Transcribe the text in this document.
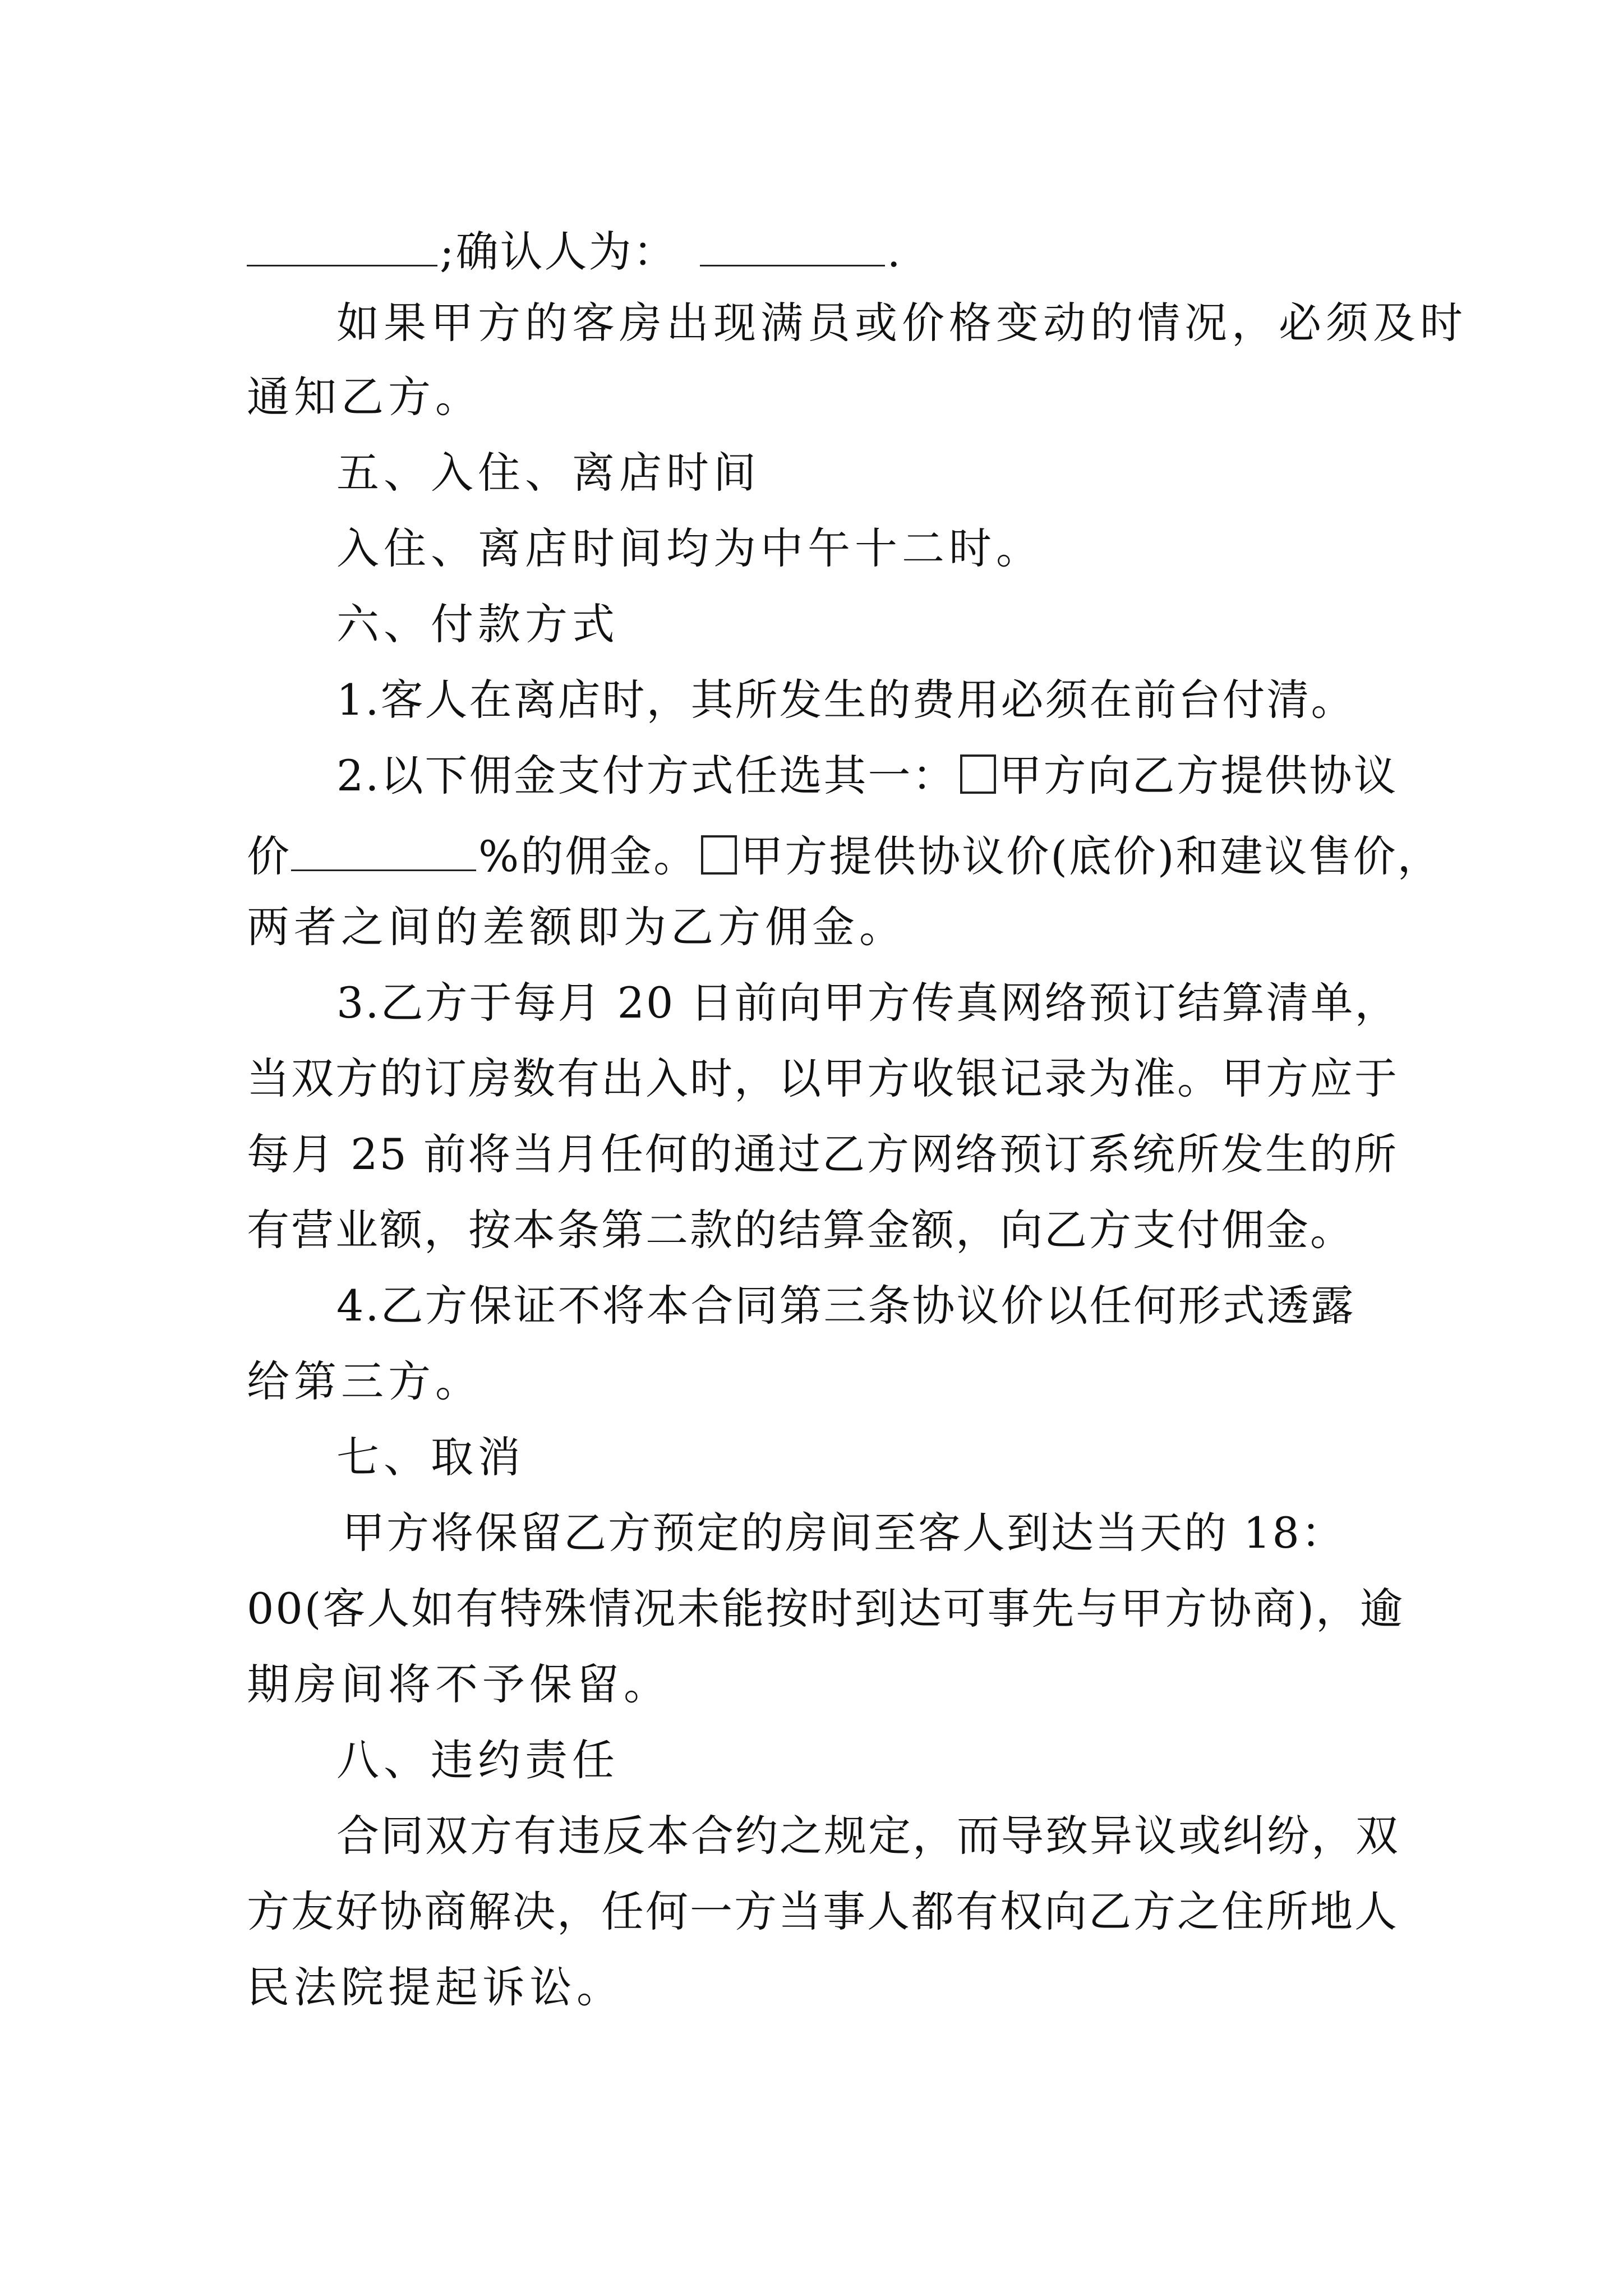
;确认人为：	.
如果甲方的客房出现满员或价格变动的情况，必须及时
通知乙方。
五、入住、离店时间
入住、离店时间均为中午十二时。
六、付款方式
1.客人在离店时，其所发生的费用必须在前台付清。
2.以下佣金支付方式任选其一： 甲方向乙方提供协议
价	%的佣金。 甲方提供协议价(底价)和建议售价，
两者之间的差额即为乙方佣金。
3.乙方于每月 20 日前向甲方传真网络预订结算清单，
当双方的订房数有出入时，以甲方收银记录为准。甲方应于
每月 25 前将当月任何的通过乙方网络预订系统所发生的所
有营业额，按本条第二款的结算金额，向乙方支付佣金。
4.乙方保证不将本合同第三条协议价以任何形式透露
给第三方。
七、取消
甲方将保留乙方预定的房间至客人到达当天的 18：
00(客人如有特殊情况未能按时到达可事先与甲方协商)，逾
期房间将不予保留。
八、违约责任
合同双方有违反本合约之规定，而导致异议或纠纷，双
方友好协商解决，任何一方当事人都有权向乙方之住所地人
民法院提起诉讼。
